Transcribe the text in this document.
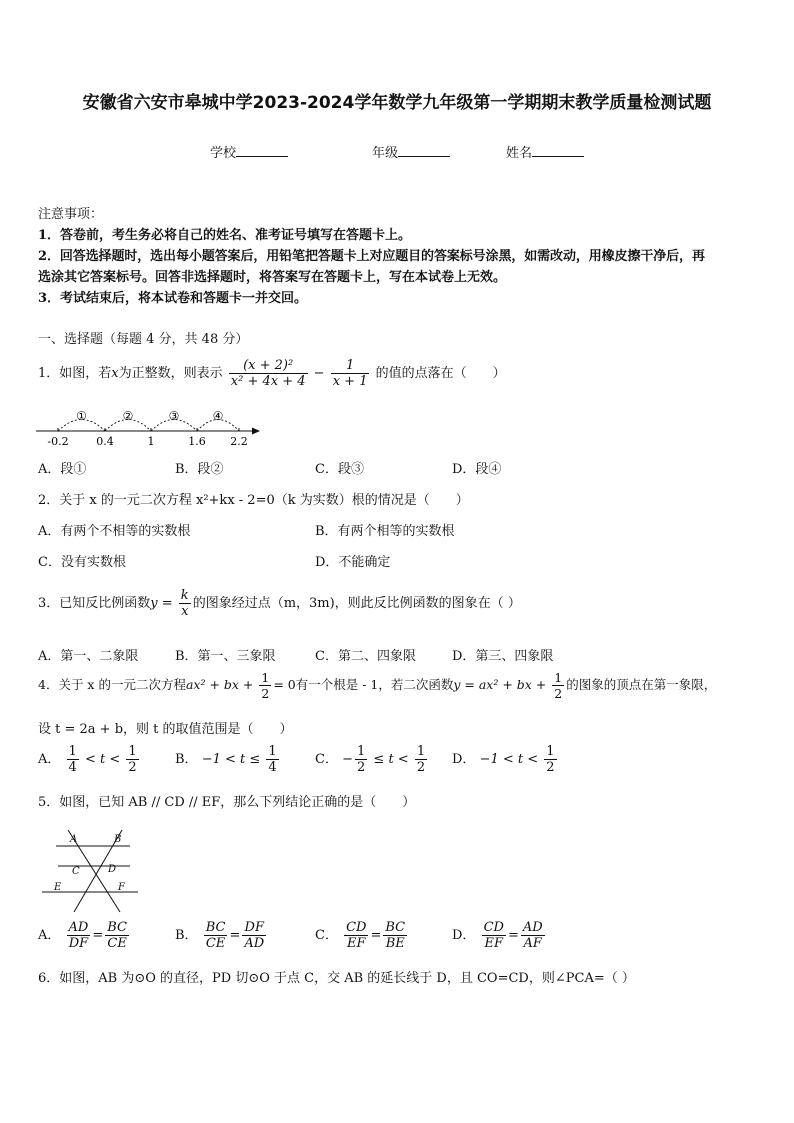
安徽省六安市皋城中学2023-2024学年数学九年级第一学期期末教学质量检测试题
学校	年级	姓名
注意事项：
1．答卷前，考生务必将自己的姓名、准考证号填写在答题卡上。
2．回答选择题时，选出每小题答案后，用铅笔把答题卡上对应题目的答案标号涂黑，如需改动，用橡皮擦干净后，再
选涂其它答案标号。回答非选择题时，将答案写在答题卡上，写在本试卷上无效。
3．考试结束后，将本试卷和答题卡一并交回。
一、选择题（每题 4 分，共 48 分）
1．如图，若x为正整数，则表示 $\frac{\text{(x + 2)²}}{\text{x² + 4x + 4}} - \frac{1}{x + 1}$ 的值的点落在（　　）
①	②	③	④
-0.2	0.4	1	1.6 2.2
A．段①	B．段②	C．段③	D．段④
2．关于 x 的一元二次方程 x²+kx - 2=0（k 为实数）根的情况是（　　）
A．有两个不相等的实数根	B．有两个相等的实数根
C．没有实数根	D．不能确定
3．已知反比例函数$y = \frac{k}{x}$ 的图象经过点（m，3m)，则此反比例函数的图象在（ ）
A．第一、二象限	B．第一、三象限	C．第二、四象限	D．第三、四象限
4．关于 x 的一元二次方程ax² + bx + $\frac{1}{2} = 0$有一个根是 - 1，若二次函数y = ax² + bx + $\frac{1}{2}$ 的图象的顶点在第一象限，
设 t = 2a + b，则 t 的取值范围是（　　）
A． $\frac{1}{4} < t < \frac{1}{2}$	B． $-1 < t \le \frac{1}{4}$	C． − $\frac{1}{2} \le t < \frac{1}{2}$ D． $-1 < t < \frac{1}{2}$
5．如图，已知 AB // CD // EF，那么下列结论正确的是（　　）
A	B
C	D
E	F
A． $\frac{AD}{DF} = \frac{BC}{CE}$	B． $\frac{BC}{CE} = \frac{DF}{AD}$	C． $\frac{CD}{EF} = \frac{BC}{BE}$	D． $\frac{CD}{EF} = \frac{AD}{AF}$
6．如图，AB 为⊙O 的直径，PD 切⊙O 于点 C，交 AB 的延长线于 D，且 CO=CD，则∠PCA=（ ）
